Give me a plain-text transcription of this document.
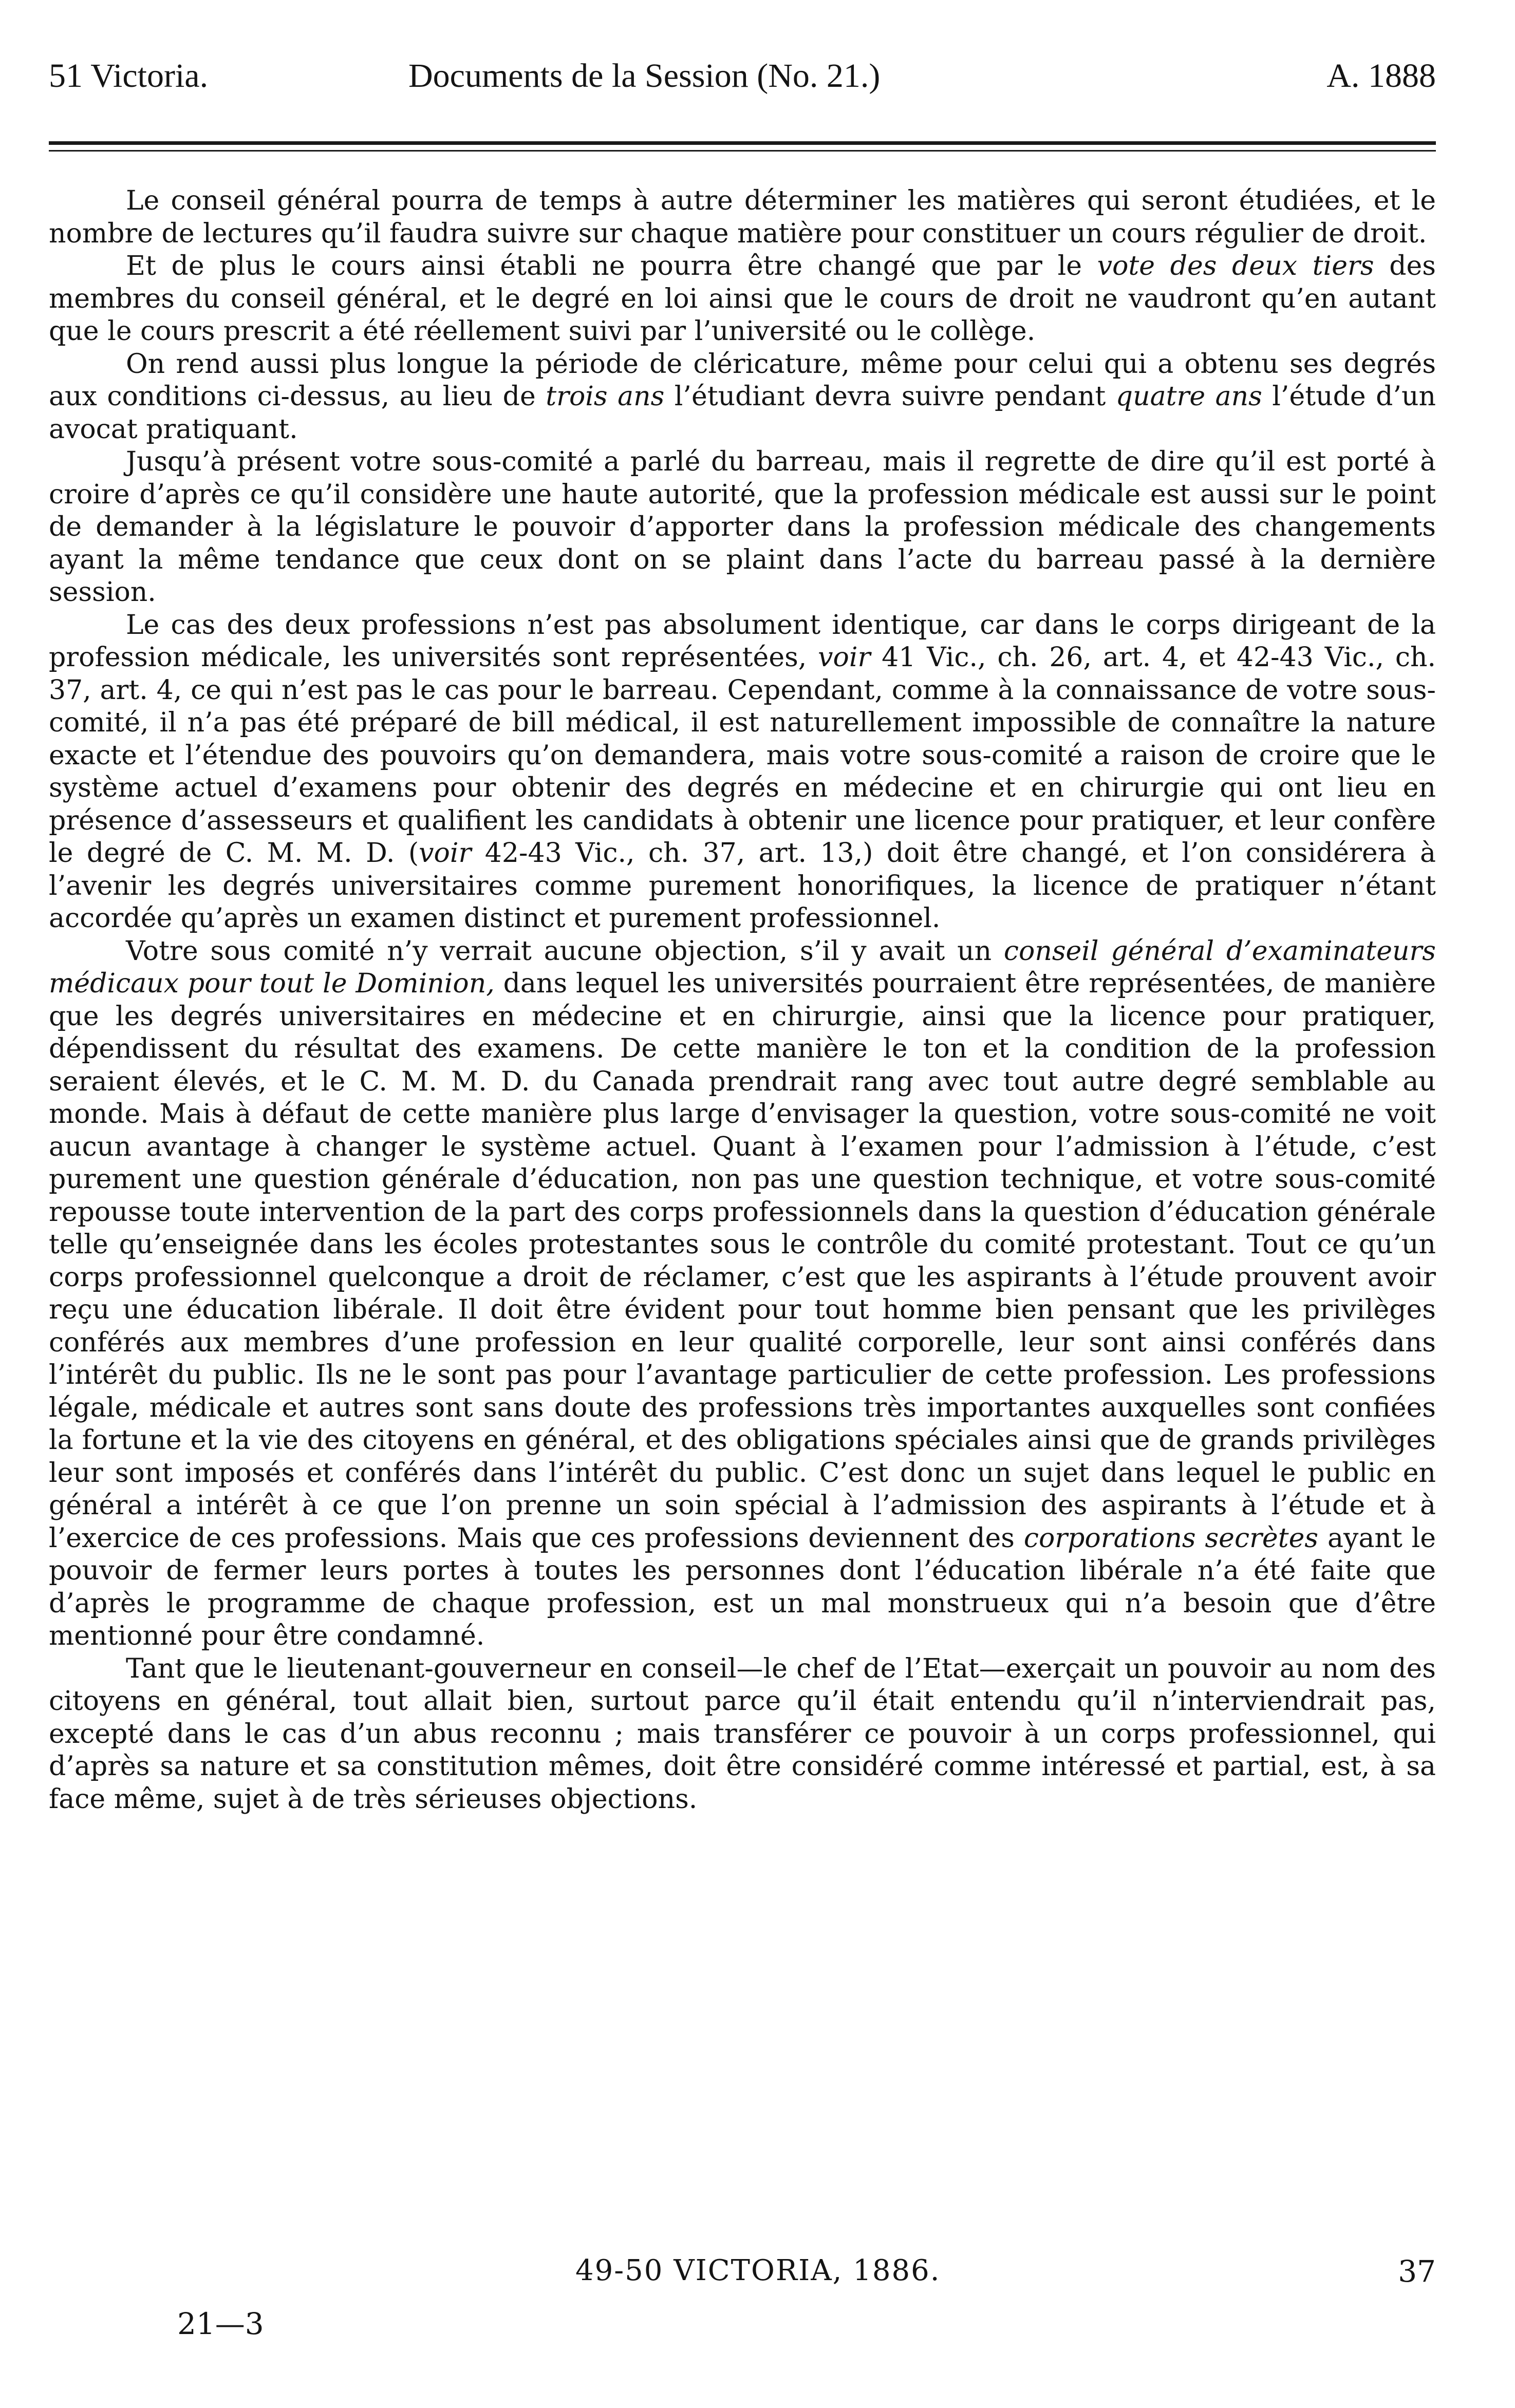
51 Victoria.	Documents de la Session (No. 21.)	A. 1888

Le conseil général pourra de temps à autre déterminer les matières qui seront étudiées, et le nombre de lectures qu’il faudra suivre sur chaque matière pour constituer un cours régulier de droit.

Et de plus le cours ainsi établi ne pourra être changé que par le vote des deux tiers des membres du conseil général, et le degré en loi ainsi que le cours de droit ne vaudront qu’en autant que le cours prescrit a été réellement suivi par l’université ou le collège.

On rend aussi plus longue la période de cléricature, même pour celui qui a obtenu ses degrés aux conditions ci-dessus, au lieu de trois ans l’étudiant devra suivre pendant quatre ans l’étude d’un avocat pratiquant.

Jusqu’à présent votre sous-comité a parlé du barreau, mais il regrette de dire qu’il est porté à croire d’après ce qu’il considère une haute autorité, que la profession médicale est aussi sur le point de demander à la législature le pouvoir d’apporter dans la profession médicale des changements ayant la même tendance que ceux dont on se plaint dans l’acte du barreau passé à la dernière session.

Le cas des deux professions n’est pas absolument identique, car dans le corps dirigeant de la profession médicale, les universités sont représentées, voir 41 Vic., ch. 26, art. 4, et 42-43 Vic., ch. 37, art. 4, ce qui n’est pas le cas pour le barreau. Cependant, comme à la connaissance de votre sous-comité, il n’a pas été préparé de bill médical, il est naturellement impossible de connaître la nature exacte et l’étendue des pouvoirs qu’on demandera, mais votre sous-comité a raison de croire que le système actuel d’examens pour obtenir des degrés en médecine et en chirurgie qui ont lieu en présence d’assesseurs et qualifient les candidats à obtenir une licence pour pratiquer, et leur confère le degré de C. M. M. D. (voir 42-43 Vic., ch. 37, art. 13,) doit être changé, et l’on considérera à l’avenir les degrés universitaires comme purement honorifiques, la licence de pratiquer n’étant accordée qu’après un examen distinct et purement professionnel.

Votre sous comité n’y verrait aucune objection, s’il y avait un conseil général d’examinateurs médicaux pour tout le Dominion, dans lequel les universités pourraient être représentées, de manière que les degrés universitaires en médecine et en chirurgie, ainsi que la licence pour pratiquer, dépendissent du résultat des examens. De cette manière le ton et la condition de la profession seraient élevés, et le C. M. M. D. du Canada prendrait rang avec tout autre degré semblable au monde. Mais à défaut de cette manière plus large d’envisager la question, votre sous-comité ne voit aucun avantage à changer le système actuel. Quant à l’examen pour l’admission à l’étude, c’est purement une question générale d’éducation, non pas une question technique, et votre sous-comité repousse toute intervention de la part des corps professionnels dans la question d’éducation générale telle qu’enseignée dans les écoles protestantes sous le contrôle du comité protestant. Tout ce qu’un corps professionnel quelconque a droit de réclamer, c’est que les aspirants à l’étude prouvent avoir reçu une éducation libérale. Il doit être évident pour tout homme bien pensant que les privilèges conférés aux membres d’une profession en leur qualité corporelle, leur sont ainsi conférés dans l’intérêt du public. Ils ne le sont pas pour l’avantage particulier de cette profession. Les professions légale, médicale et autres sont sans doute des professions très importantes auxquelles sont confiées la fortune et la vie des citoyens en général, et des obligations spéciales ainsi que de grands privilèges leur sont imposés et conférés dans l’intérêt du public. C’est donc un sujet dans lequel le public en général a intérêt à ce que l’on prenne un soin spécial à l’admission des aspirants à l’étude et à l’exercice de ces professions. Mais que ces professions deviennent des corporations secrètes ayant le pouvoir de fermer leurs portes à toutes les personnes dont l’éducation libérale n’a été faite que d’après le programme de chaque profession, est un mal monstrueux qui n’a besoin que d’être mentionné pour être condamné.

Tant que le lieutenant-gouverneur en conseil—le chef de l’Etat—exerçait un pouvoir au nom des citoyens en général, tout allait bien, surtout parce qu’il était entendu qu’il n’interviendrait pas, excepté dans le cas d’un abus reconnu ; mais transférer ce pouvoir à un corps professionnel, qui d’après sa nature et sa constitution mêmes, doit être considéré comme intéressé et partial, est, à sa face même, sujet à de très sérieuses objections.

49-50 VICTORIA, 1886.	37
21—3
